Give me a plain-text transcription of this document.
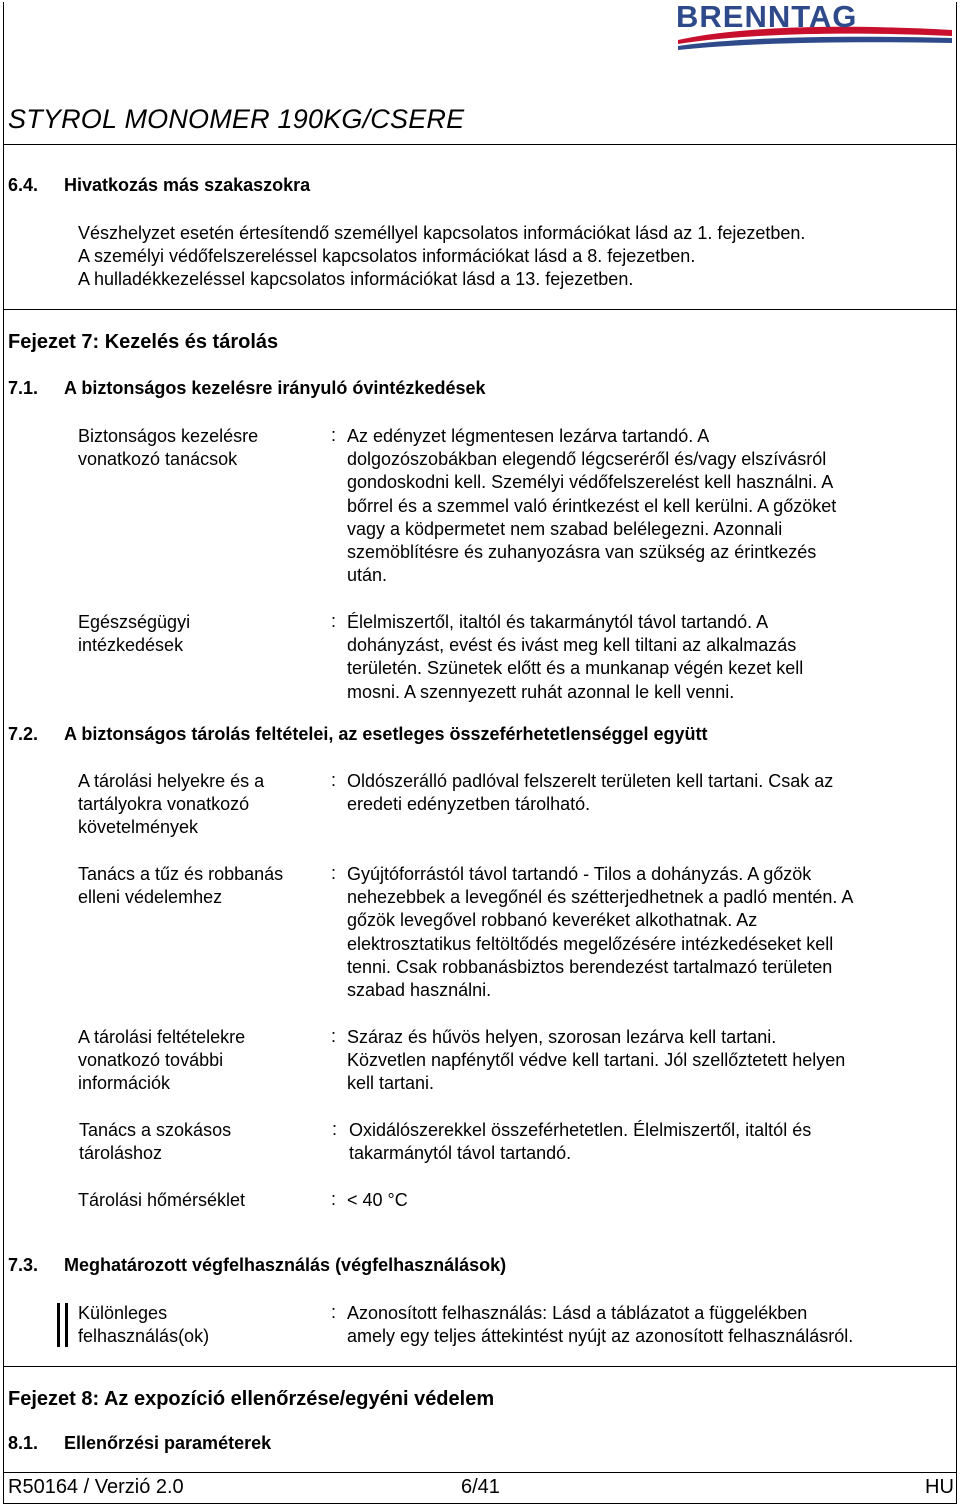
BRENNTAG
STYROL MONOMER 190KG/CSERE
6.4. Hivatkozás más szakaszokra
Vészhelyzet esetén értesítendő személlyel kapcsolatos információkat lásd az 1. fejezetben.
A személyi védőfelszereléssel kapcsolatos információkat lásd a 8. fejezetben.
A hulladékkezeléssel kapcsolatos információkat lásd a 13. fejezetben.
Fejezet 7: Kezelés és tárolás
7.1. A biztonságos kezelésre irányuló óvintézkedések
Biztonságos kezelésre
vonatkozó tanácsok
: Az edényzet légmentesen lezárva tartandó. A
dolgozószobákban elegendő légcseréről és/vagy elszívásról
gondoskodni kell. Személyi védőfelszerelést kell használni. A
bőrrel és a szemmel való érintkezést el kell kerülni. A gőzöket
vagy a ködpermetet nem szabad belélegezni. Azonnali
szemöblítésre és zuhanyozásra van szükség az érintkezés
után.
Egészségügyi
intézkedések
: Élelmiszertől, italtól és takarmánytól távol tartandó. A
dohányzást, evést és ivást meg kell tiltani az alkalmazás
területén. Szünetek előtt és a munkanap végén kezet kell
mosni. A szennyezett ruhát azonnal le kell venni.
7.2. A biztonságos tárolás feltételei, az esetleges összeférhetetlenséggel együtt
A tárolási helyekre és a
tartályokra vonatkozó
követelmények
: Oldószerálló padlóval felszerelt területen kell tartani. Csak az
eredeti edényzetben tárolható.
Tanács a tűz és robbanás
elleni védelemhez
: Gyújtóforrástól távol tartandó - Tilos a dohányzás. A gőzök
nehezebbek a levegőnél és szétterjedhetnek a padló mentén. A
gőzök levegővel robbanó keveréket alkothatnak. Az
elektrosztatikus feltöltődés megelőzésére intézkedéseket kell
tenni. Csak robbanásbiztos berendezést tartalmazó területen
szabad használni.
A tárolási feltételekre
vonatkozó további
információk
: Száraz és hűvös helyen, szorosan lezárva kell tartani.
Közvetlen napfénytől védve kell tartani. Jól szellőztetett helyen
kell tartani.
Tanács a szokásos
tároláshoz
: Oxidálószerekkel összeférhetetlen. Élelmiszertől, italtól és
takarmánytól távol tartandó.
Tárolási hőmérséklet	: < 40 °C
7.3. Meghatározott végfelhasználás (végfelhasználások)
Különleges
felhasználás(ok)
: Azonosított felhasználás: Lásd a táblázatot a függelékben
amely egy teljes áttekintést nyújt az azonosított felhasználásról.
Fejezet 8: Az expozíció ellenőrzése/egyéni védelem
8.1. Ellenőrzési paraméterek
R50164 / Verzió 2.0	6/41	HU
